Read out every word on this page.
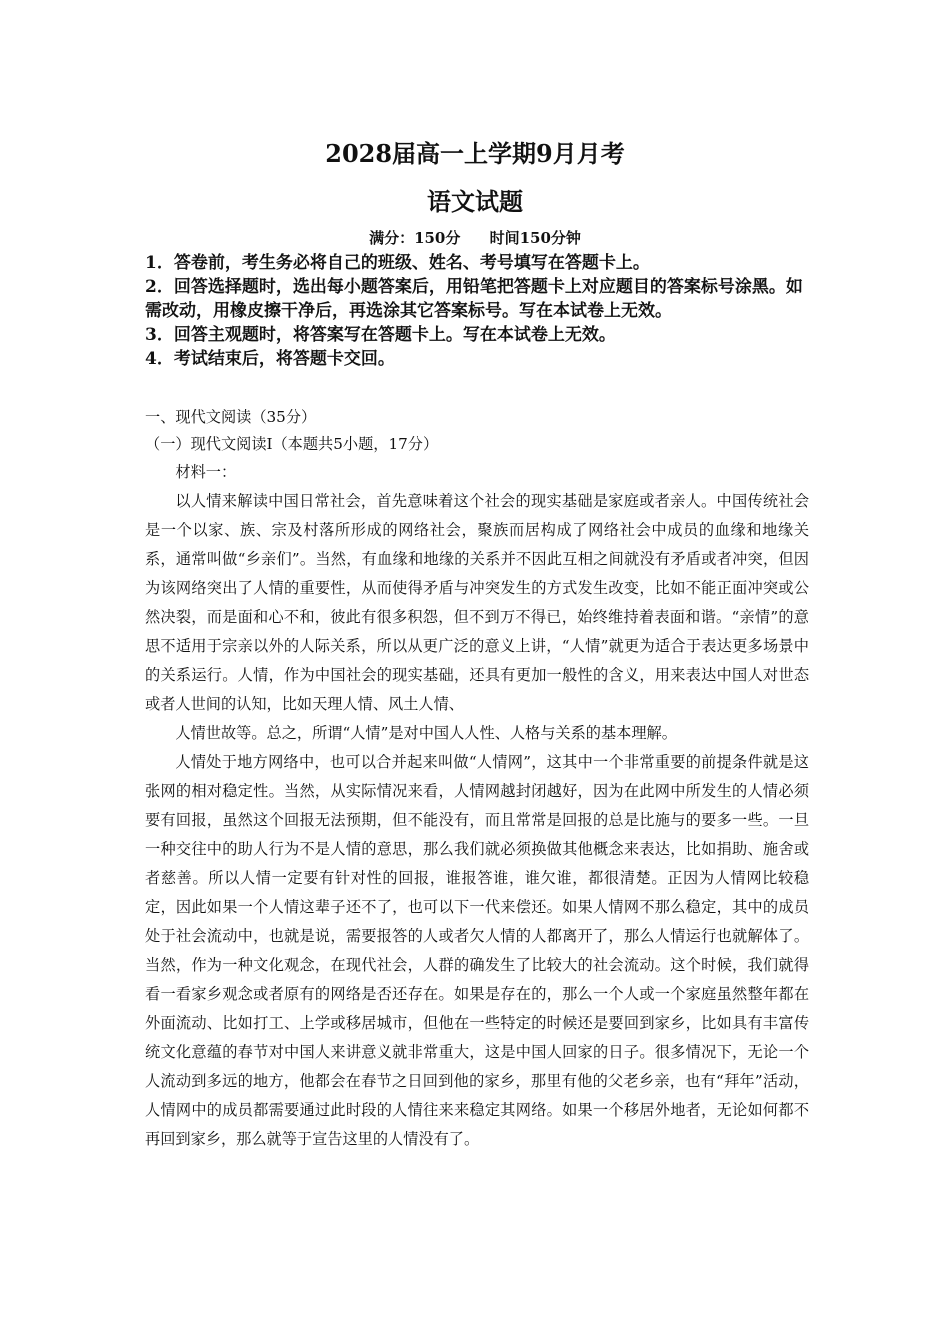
2028届高一上学期9月月考
语文试题
满分：150分 时间150分钟

1．答卷前，考生务必将自己的班级、姓名、考号填写在答题卡上。

2．回答选择题时，选出每小题答案后，用铅笔把答题卡上对应题目的答案标号涂黑。如需改动，用橡皮擦干净后，再选涂其它答案标号。写在本试卷上无效。

3．回答主观题时，将答案写在答题卡上。写在本试卷上无效。

4．考试结束后，将答题卡交回。

一、现代文阅读（35分）

（一）现代文阅读Ⅰ（本题共5小题，17分）

材料一：

以人情来解读中国日常社会，首先意味着这个社会的现实基础是家庭或者亲人。中国传统社会是一个以家、族、宗及村落所形成的网络社会，聚族而居构成了网络社会中成员的血缘和地缘关系，通常叫做“乡亲们”。当然，有血缘和地缘的关系并不因此互相之间就没有矛盾或者冲突，但因为该网络突出了人情的重要性，从而使得矛盾与冲突发生的方式发生改变，比如不能正面冲突或公然决裂，而是面和心不和，彼此有很多积怨，但不到万不得已，始终维持着表面和谐。“亲情”的意思不适用于宗亲以外的人际关系，所以从更广泛的意义上讲，“人情”就更为适合于表达更多场景中的关系运行。人情，作为中国社会的现实基础，还具有更加一般性的含义，用来表达中国人对世态或者人世间的认知，比如天理人情、风土人情、

人情世故等。总之，所谓“人情”是对中国人人性、人格与关系的基本理解。

人情处于地方网络中，也可以合并起来叫做“人情网”，这其中一个非常重要的前提条件就是这张网的相对稳定性。当然，从实际情况来看，人情网越封闭越好，因为在此网中所发生的人情必须要有回报，虽然这个回报无法预期，但不能没有，而且常常是回报的总是比施与的要多一些。一旦一种交往中的助人行为不是人情的意思，那么我们就必须换做其他概念来表达，比如捐助、施舍或者慈善。所以人情一定要有针对性的回报，谁报答谁，谁欠谁，都很清楚。正因为人情网比较稳定，因此如果一个人情这辈子还不了，也可以下一代来偿还。如果人情网不那么稳定，其中的成员处于社会流动中，也就是说，需要报答的人或者欠人情的人都离开了，那么人情运行也就解体了。当然，作为一种文化观念，在现代社会，人群的确发生了比较大的社会流动。这个时候，我们就得看一看家乡观念或者原有的网络是否还存在。如果是存在的，那么一个人或一个家庭虽然整年都在外面流动、比如打工、上学或移居城市，但他在一些特定的时候还是要回到家乡，比如具有丰富传统文化意蕴的春节对中国人来讲意义就非常重大，这是中国人回家的日子。很多情况下，无论一个人流动到多远的地方，他都会在春节之日回到他的家乡，那里有他的父老乡亲，也有“拜年”活动，人情网中的成员都需要通过此时段的人情往来来稳定其网络。如果一个移居外地者，无论如何都不再回到家乡，那么就等于宣告这里的人情没有了。
